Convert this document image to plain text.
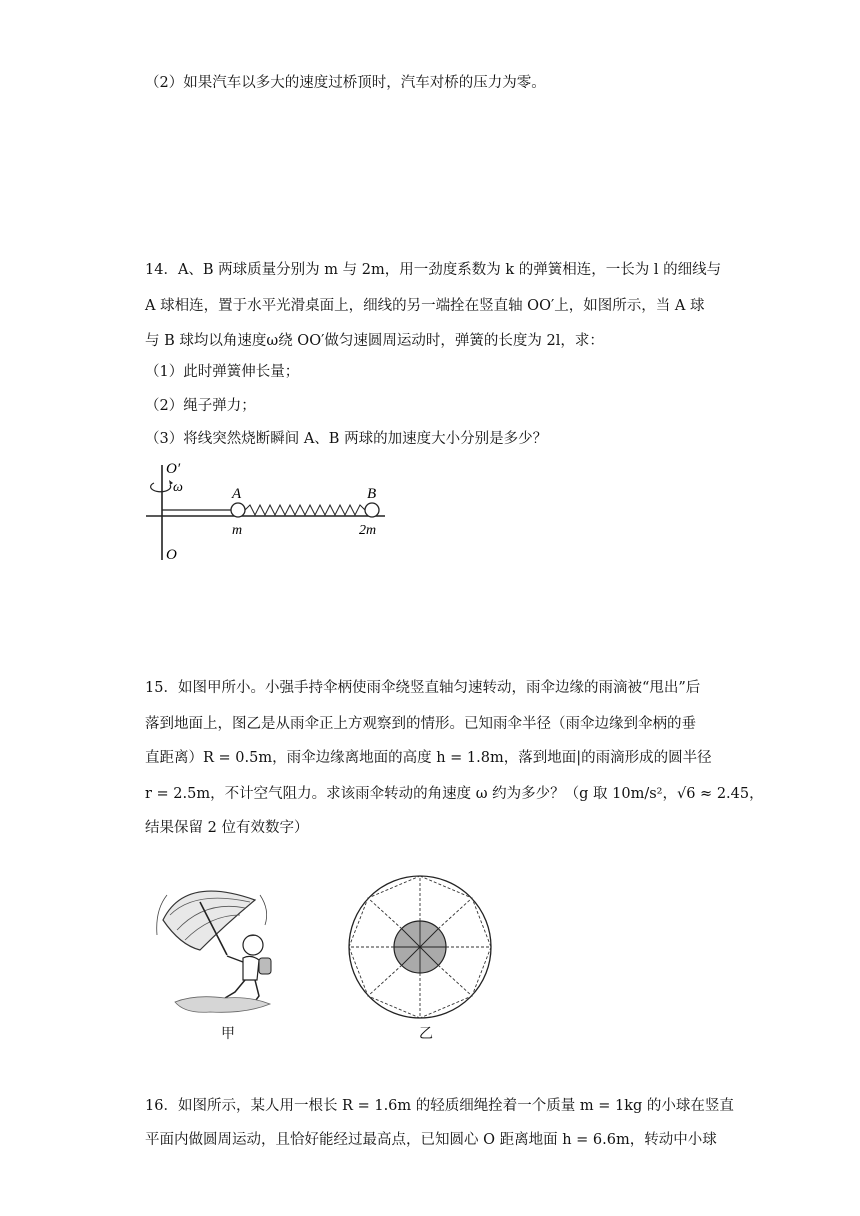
（2）如果汽车以多大的速度过桥顶时，汽车对桥的压力为零。
14．A、B 两球质量分别为 m 与 2m，用一劲度系数为 k 的弹簧相连，一长为 l 的细线与
A 球相连，置于水平光滑桌面上，细线的另一端拴在竖直轴 OO′上，如图所示，当 A 球
与 B 球均以角速度ω绕 OO′做匀速圆周运动时，弹簧的长度为 2l，求：
（1）此时弹簧伸长量；
（2）绳子弹力；
（3）将线突然烧断瞬间 A、B 两球的加速度大小分别是多少？
O′
O
ω	A	B
m	2m
15．如图甲所小。小强手持伞柄使雨伞绕竖直轴匀速转动，雨伞边缘的雨滴被“甩出”后
落到地面上，图乙是从雨伞正上方观察到的情形。已知雨伞半径（雨伞边缘到伞柄的垂
直距离）R = 0.5m，雨伞边缘离地面的高度 h = 1.8m，落到地面|的雨滴形成的圆半径
r = 2.5m，不计空气阻力。求该雨伞转动的角速度 ω 约为多少？（g 取 10m/s²，√6 ≈ 2.45，
结果保留 2 位有效数字）
甲	乙
16．如图所示，某人用一根长 R = 1.6m 的轻质细绳拴着一个质量 m = 1kg 的小球在竖直
平面内做圆周运动，且恰好能经过最高点，已知圆心 O 距离地面 h = 6.6m，转动中小球
